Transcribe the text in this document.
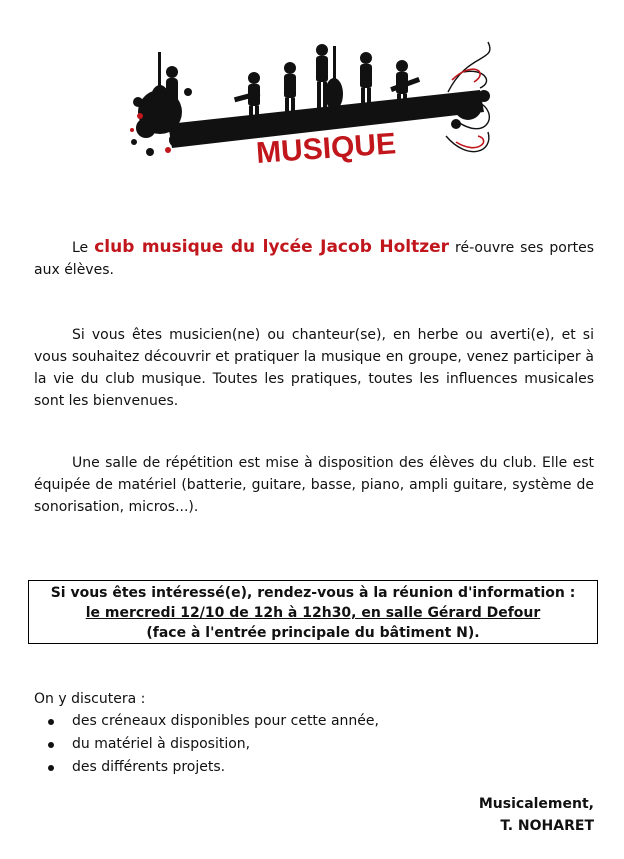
MUSIQUE

Le club musique du lycée Jacob Holtzer ré-ouvre ses portes aux élèves.

Si vous êtes musicien(ne) ou chanteur(se), en herbe ou averti(e), et si vous souhaitez découvrir et pratiquer la musique en groupe, venez participer à la vie du club musique. Toutes les pratiques, toutes les influences musicales sont les bienvenues.

Une salle de répétition est mise à disposition des élèves du club. Elle est équipée de matériel (batterie, guitare, basse, piano, ampli guitare, système de sonorisation, micros...).

Si vous êtes intéressé(e), rendez-vous à la réunion d'information :
le mercredi 12/10 de 12h à 12h30, en salle Gérard Defour
(face à l'entrée principale du bâtiment N).
On y discutera :
des créneaux disponibles pour cette année,
du matériel à disposition,
des différents projets.
Musicalement,
T. NOHARET
